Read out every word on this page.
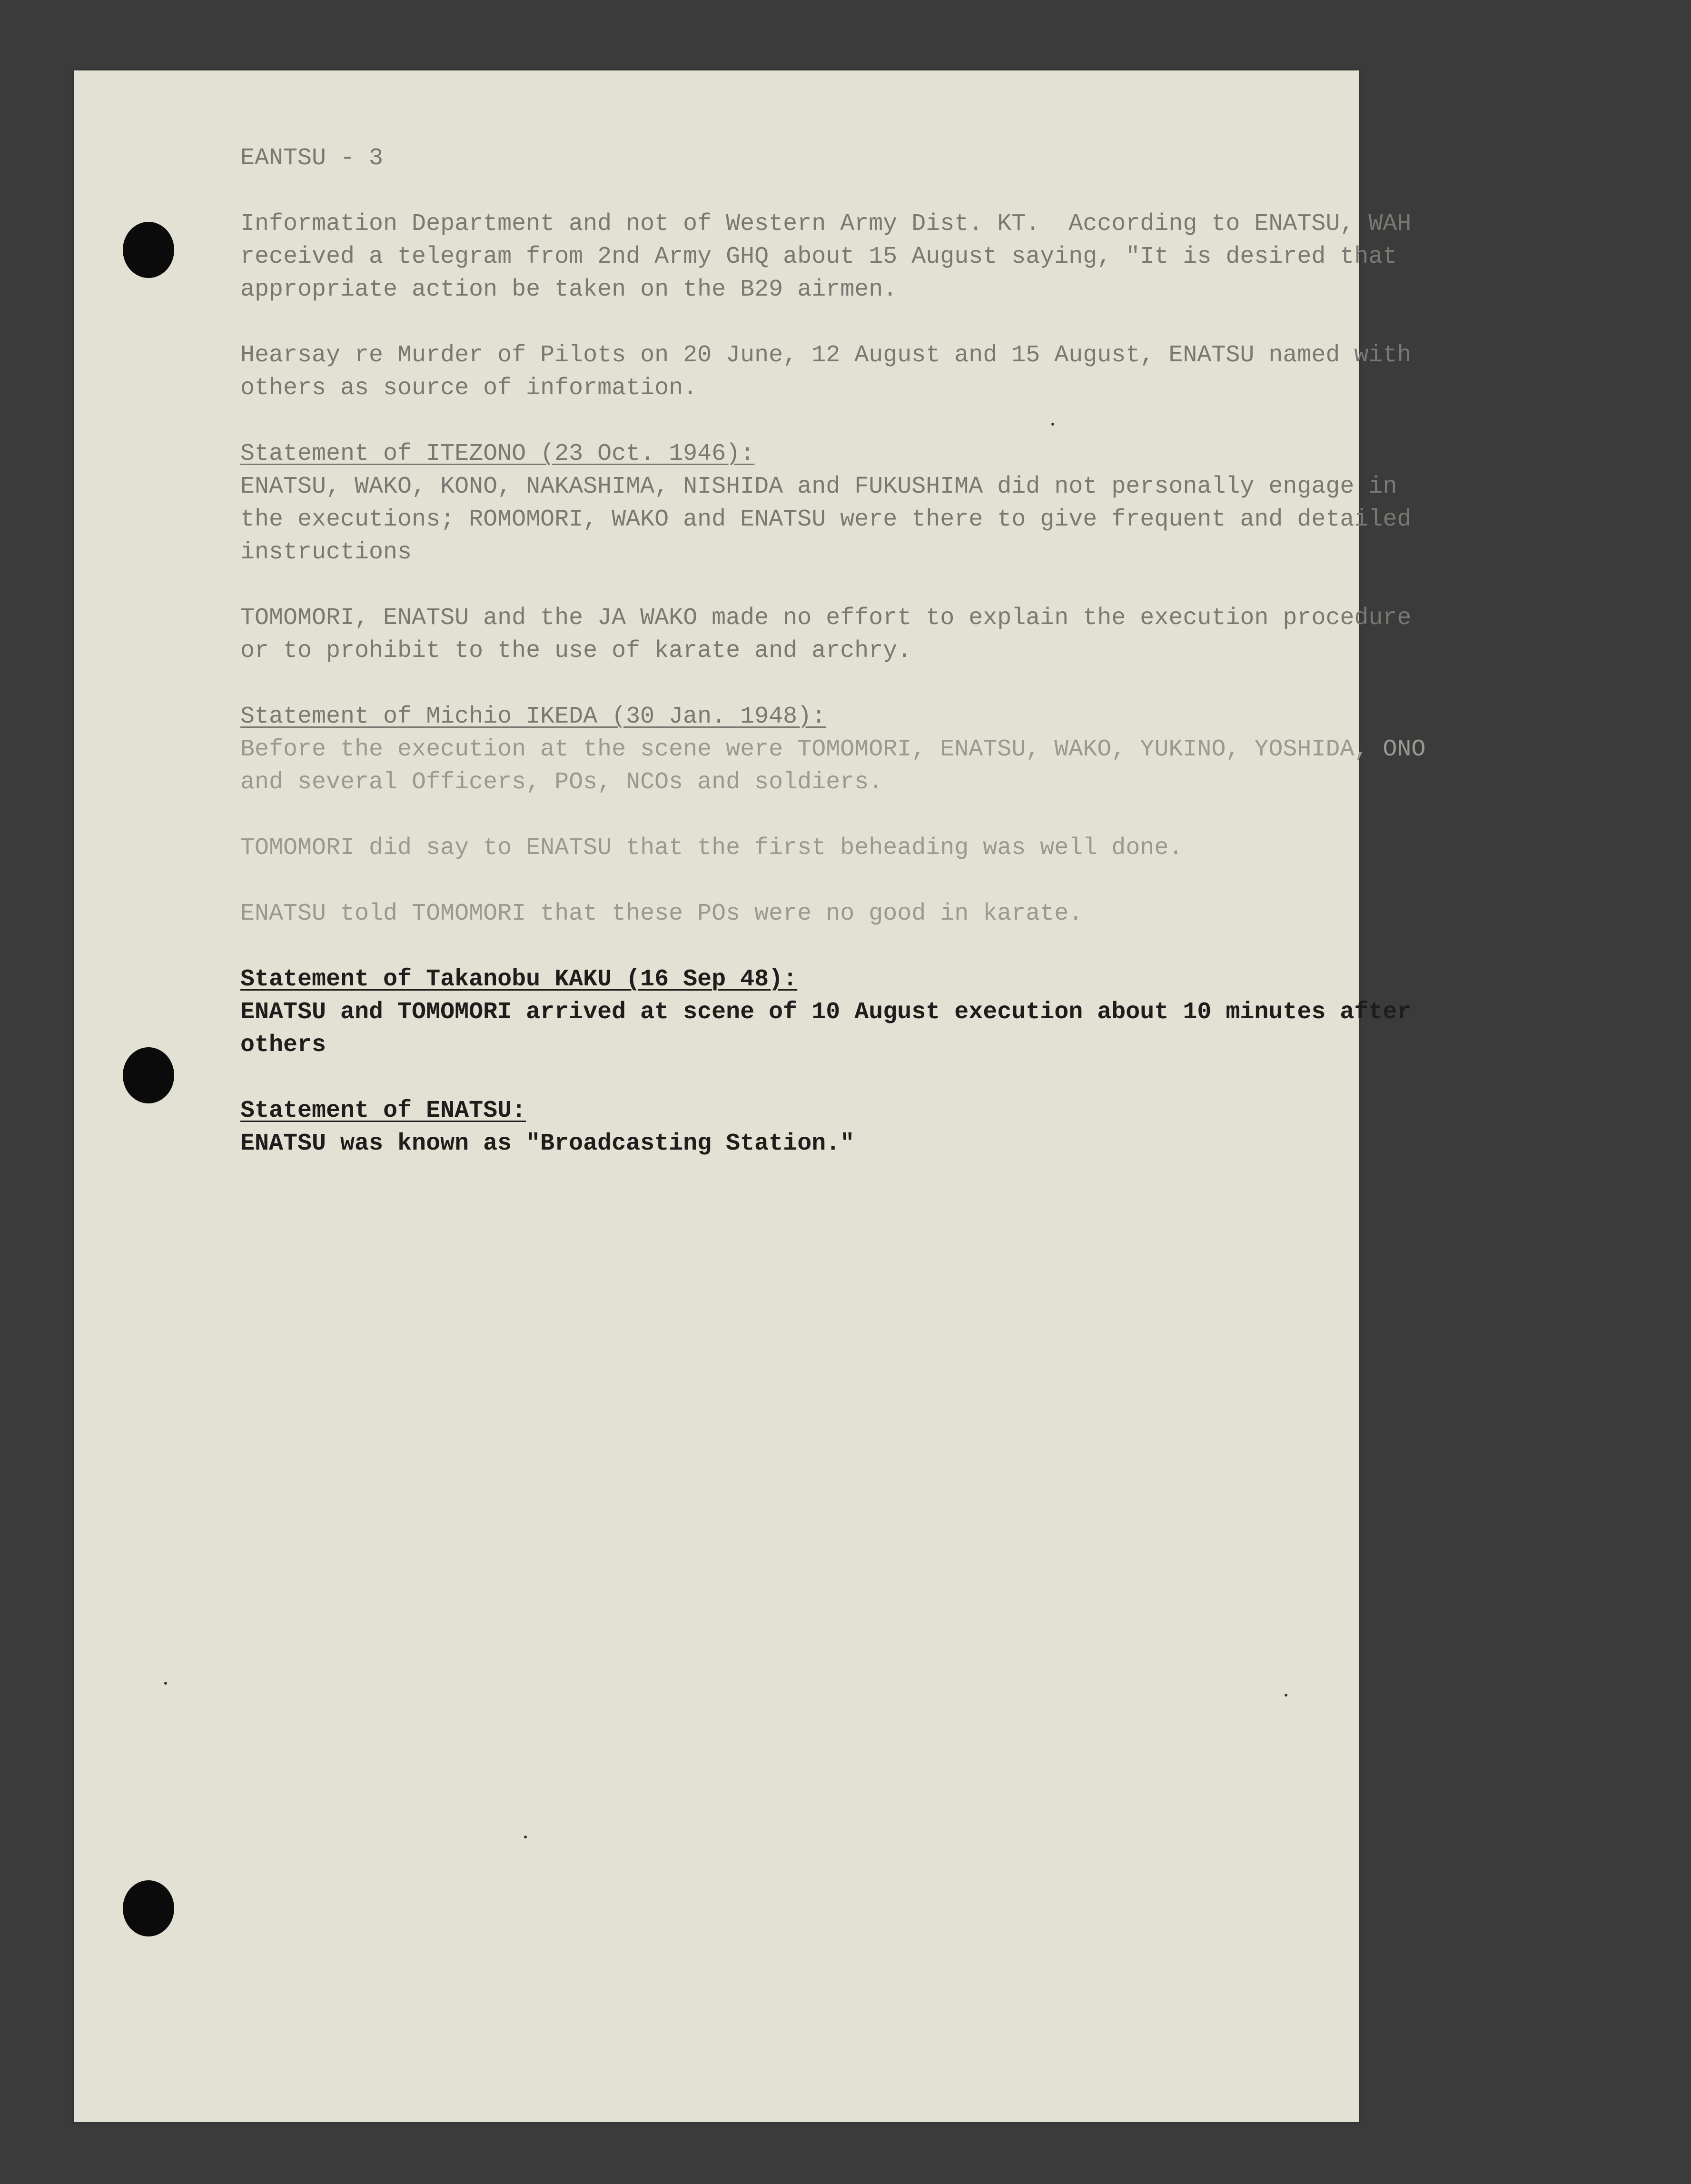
EANTSU - 3
Information Department and not of Western Army Dist. KT.  According to ENATSU, WAH
received a telegram from 2nd Army GHQ about 15 August saying, "It is desired that
appropriate action be taken on the B29 airmen.
Hearsay re Murder of Pilots on 20 June, 12 August and 15 August, ENATSU named with
others as source of information.
Statement of ITEZONO (23 Oct. 1946):
ENATSU, WAKO, KONO, NAKASHIMA, NISHIDA and FUKUSHIMA did not personally engage in
the executions; ROMOMORI, WAKO and ENATSU were there to give frequent and detailed
instructions
TOMOMORI, ENATSU and the JA WAKO made no effort to explain the execution procedure
or to prohibit to the use of karate and archry.
Statement of Michio IKEDA (30 Jan. 1948):
Before the execution at the scene were TOMOMORI, ENATSU, WAKO, YUKINO, YOSHIDA, ONO
and several Officers, POs, NCOs and soldiers.
TOMOMORI did say to ENATSU that the first beheading was well done.
ENATSU told TOMOMORI that these POs were no good in karate.
Statement of Takanobu KAKU (16 Sep 48):
ENATSU and TOMOMORI arrived at scene of 10 August execution about 10 minutes after
others
Statement of ENATSU:
ENATSU was known as "Broadcasting Station."
